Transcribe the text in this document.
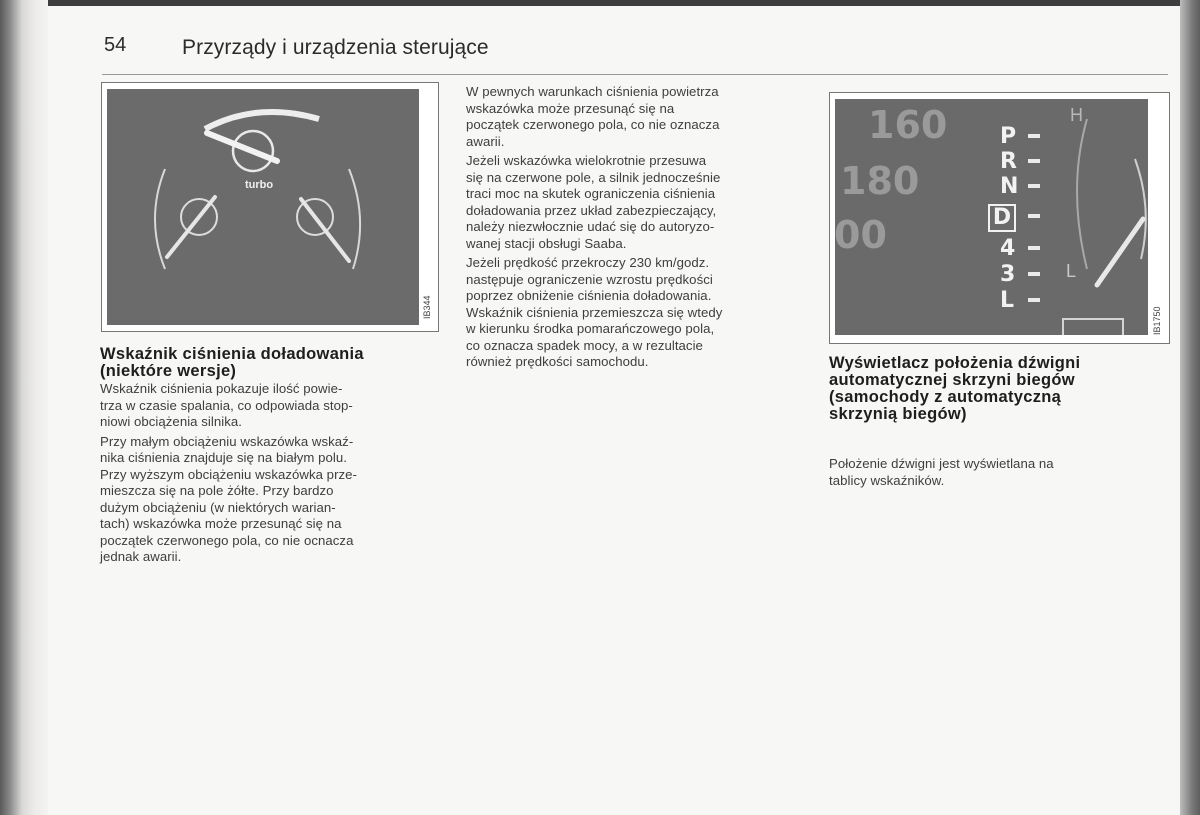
54	Przyrządy i urządzenia sterujące
turbo
IB344
160
180
00
H
L
IB1750
P
R
N
D
4
3
L
Wskaźnik ciśnienia doładowania
(niektóre wersje)

Wskaźnik ciśnienia pokazuje ilość powie-
trza w czasie spalania, co odpowiada stop-
niowi obciążenia silnika.

Przy małym obciążeniu wskazówka wskaź-
nika ciśnienia znajduje się na białym polu.
Przy wyższym obciążeniu wskazówka prze-
mieszcza się na pole żółte. Przy bardzo
dużym obciążeniu (w niektórych warian-
tach) wskazówka może przesunąć się na
początek czerwonego pola, co nie ocnacza
jednak awarii.

W pewnych warunkach ciśnienia powietrza
wskazówka może przesunąć się na
początek czerwonego pola, co nie oznacza
awarii.

Jeżeli wskazówka wielokrotnie przesuwa
się na czerwone pole, a silnik jednocześnie
traci moc na skutek ograniczenia ciśnienia
doładowania przez układ zabezpieczający,
należy niezwłocznie udać się do autoryzo-
wanej stacji obsługi Saaba.

Jeżeli prędkość przekroczy 230 km/godz.
następuje ograniczenie wzrostu prędkości
poprzez obniżenie ciśnienia doładowania.
Wskaźnik ciśnienia przemieszcza się wtedy
w kierunku środka pomarańczowego pola,
co oznacza spadek mocy, a w rezultacie
również prędkości samochodu.	Wyświetlacz położenia dźwigni
automatycznej skrzyni biegów
(samochody z automatyczną
skrzynią biegów)

Położenie dźwigni jest wyświetlana na
tablicy wskaźników.
